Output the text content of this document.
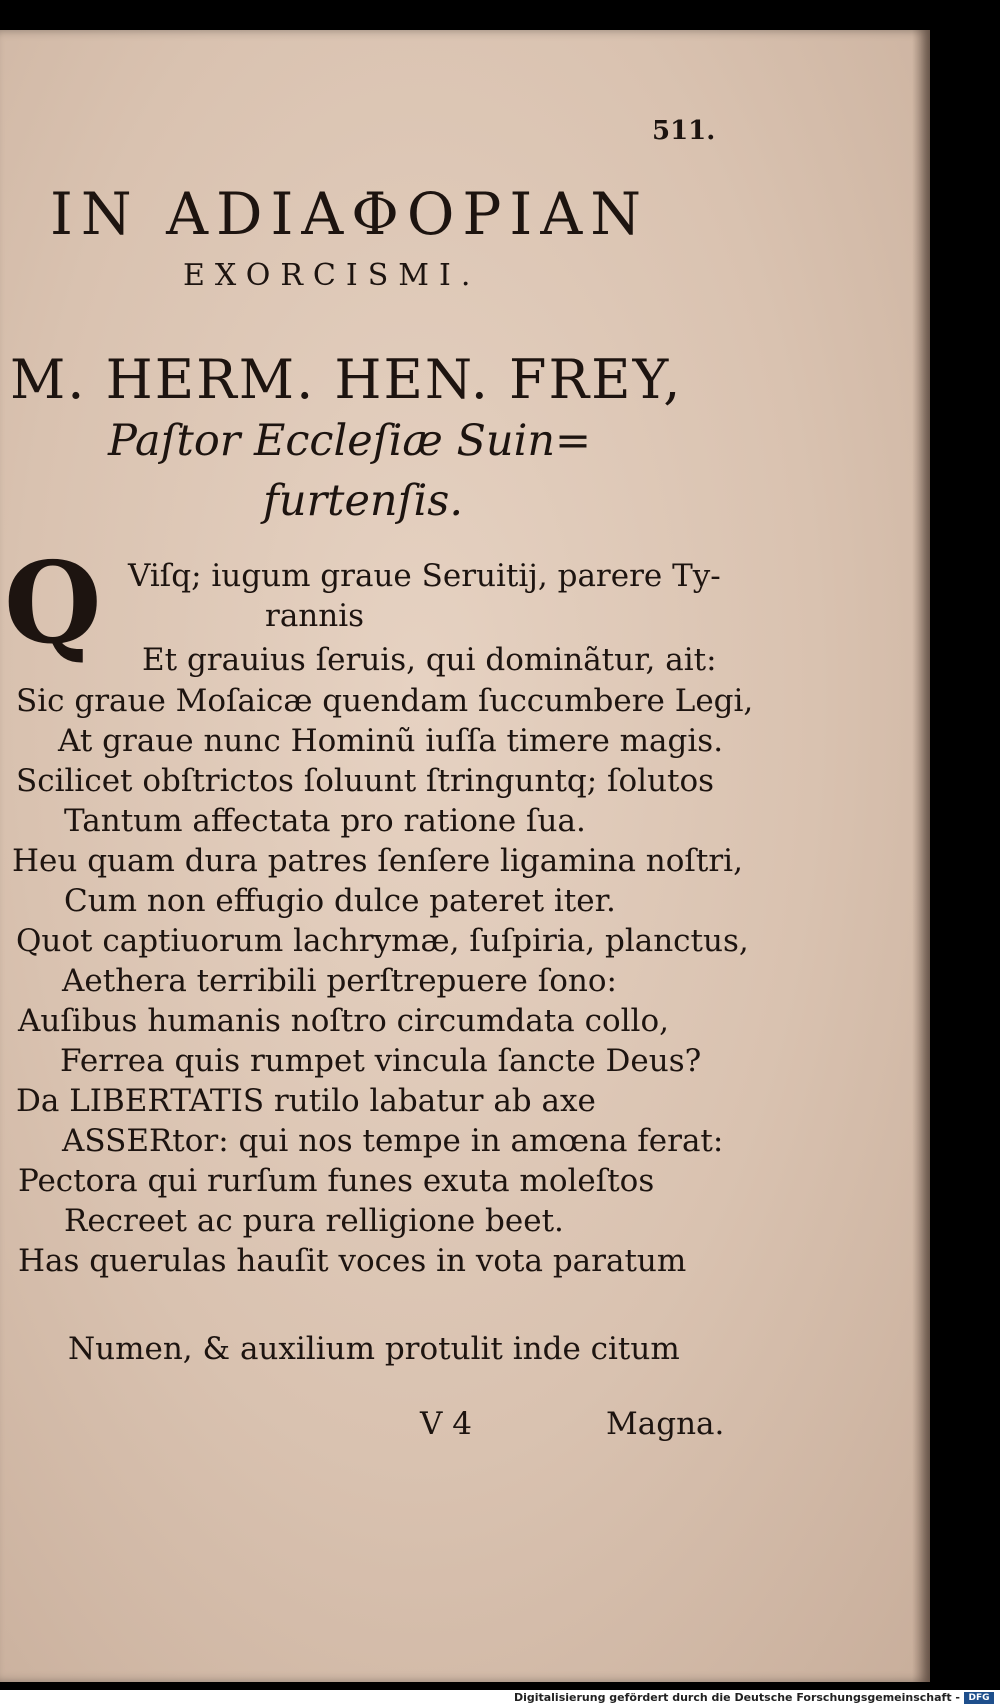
511.
IN ADIAΦOPIAN
EXORCISMI.
M. HERM. HEN. FREY,
Paſtor Eccleſiæ Suin=
furtenſis.
Q Viſq; iugum graue Seruitij, parere Ty-
rannis
Et grauius ſeruis, qui dominãtur, ait:
Sic graue Moſaicæ quendam ſuccumbere Legi,
At graue nunc Hominũ iuſſa timere magis.
Scilicet obſtrictos ſoluunt ſtringuntq; ſolutos
Tantum affectata pro ratione ſua.
Heu quam dura patres ſenſere ligamina noſtri,
Cum non effugio dulce pateret iter.
Quot captiuorum lachrymæ, ſuſpiria, planctus,
Aethera terribili perſtrepuere ſono:
Auſibus humanis noſtro circumdata collo,
Ferrea quis rumpet vincula ſancte Deus?
Da LIBERTATIS rutilo labatur ab axe
ASSERtor: qui nos tempe in amœna ferat:
Pectora qui rurſum funes exuta moleſtos
Recreet ac pura relligione beet.
Has querulas hauſit voces in vota paratum
Numen, & auxilium protulit inde citum
V 4	Magna.
Digitalisierung gefördert durch die Deutsche Forschungsgemeinschaft - DFG
